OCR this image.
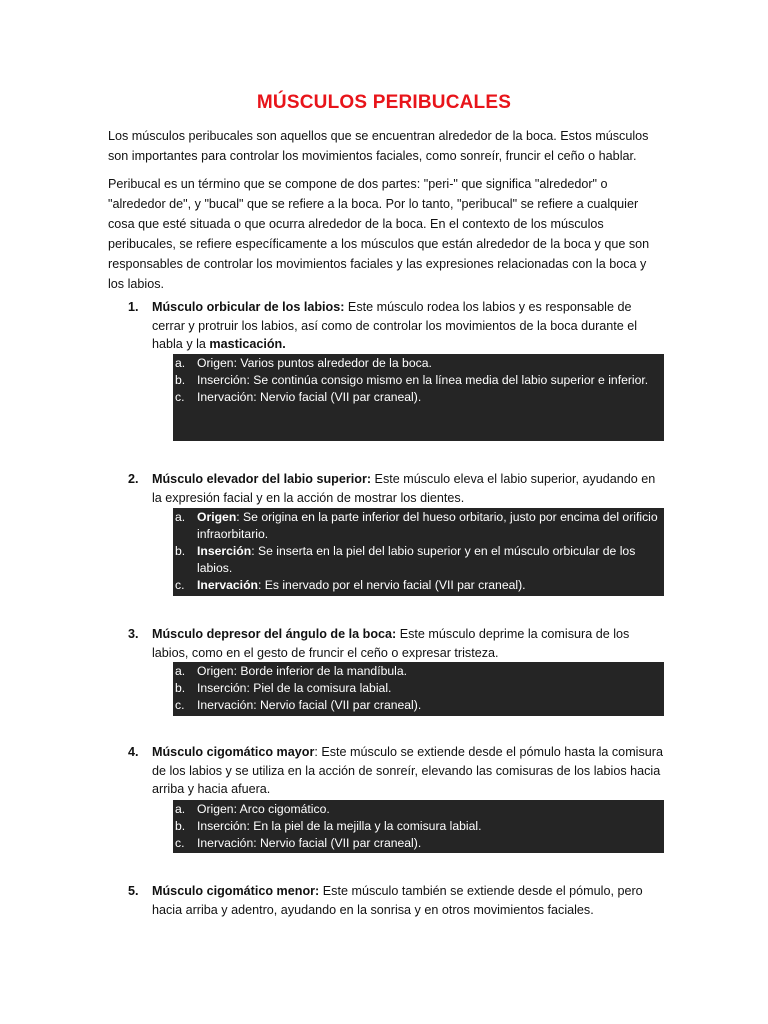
MÚSCULOS PERIBUCALES

Los músculos peribucales son aquellos que se encuentran alrededor de la boca. Estos músculos son importantes para controlar los movimientos faciales, como sonreír, fruncir el ceño o hablar.

Peribucal es un término que se compone de dos partes: "peri-" que significa "alrededor" o "alrededor de", y "bucal" que se refiere a la boca. Por lo tanto, "peribucal" se refiere a cualquier cosa que esté situada o que ocurra alrededor de la boca. En el contexto de los músculos peribucales, se refiere específicamente a los músculos que están alrededor de la boca y que son responsables de controlar los movimientos faciales y las expresiones relacionadas con la boca y los labios.

1. Músculo orbicular de los labios: Este músculo rodea los labios y es responsable de cerrar y protruir los labios, así como de controlar los movimientos de la boca durante el habla y la masticación.
a. Origen: Varios puntos alrededor de la boca.
b. Inserción: Se continúa consigo mismo en la línea media del labio superior e inferior.
c. Inervación: Nervio facial (VII par craneal).
2. Músculo elevador del labio superior: Este músculo eleva el labio superior, ayudando en la expresión facial y en la acción de mostrar los dientes.
a. Origen: Se origina en la parte inferior del hueso orbitario, justo por encima del orificio infraorbitario.
b. Inserción: Se inserta en la piel del labio superior y en el músculo orbicular de los labios.
c. Inervación: Es inervado por el nervio facial (VII par craneal).
3. Músculo depresor del ángulo de la boca: Este músculo deprime la comisura de los labios, como en el gesto de fruncir el ceño o expresar tristeza.
a. Origen: Borde inferior de la mandíbula.
b. Inserción: Piel de la comisura labial.
c. Inervación: Nervio facial (VII par craneal).
4. Músculo cigomático mayor: Este músculo se extiende desde el pómulo hasta la comisura de los labios y se utiliza en la acción de sonreír, elevando las comisuras de los labios hacia arriba y hacia afuera.
a. Origen: Arco cigomático.
b. Inserción: En la piel de la mejilla y la comisura labial.
c. Inervación: Nervio facial (VII par craneal).
5. Músculo cigomático menor: Este músculo también se extiende desde el pómulo, pero hacia arriba y adentro, ayudando en la sonrisa y en otros movimientos faciales.
